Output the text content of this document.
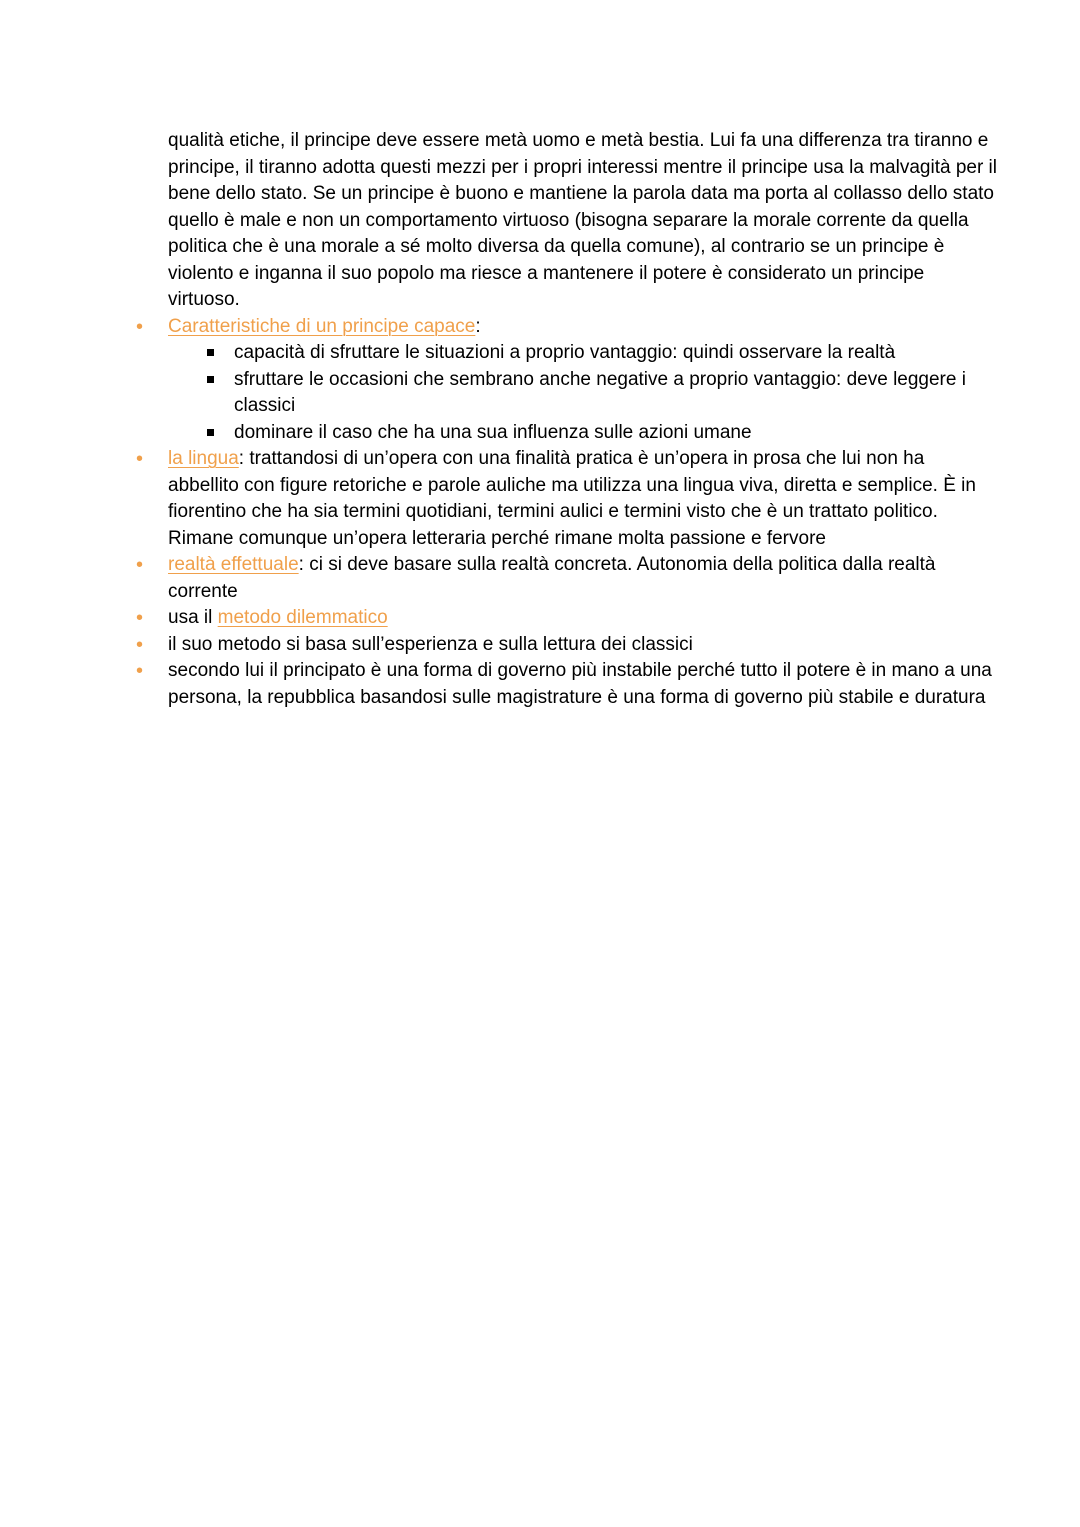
qualità etiche, il principe deve essere metà uomo e metà bestia. Lui fa una differenza tra tiranno e principe, il tiranno adotta questi mezzi per i propri interessi mentre il principe usa la malvagità per il bene dello stato. Se un principe è buono e mantiene la parola data ma porta al collasso dello stato quello è male e non un comportamento virtuoso (bisogna separare la morale corrente da quella politica che è una morale a sé molto diversa da quella comune), al contrario se un principe è violento e inganna il suo popolo ma riesce a mantenere il potere è considerato un principe virtuoso.

• Caratteristiche di un principe capace:
capacità di sfruttare le situazioni a proprio vantaggio: quindi osservare la realtà
sfruttare le occasioni che sembrano anche negative a proprio vantaggio: deve leggere i classici
dominare il caso che ha una sua influenza sulle azioni umane
• la lingua: trattandosi di un’opera con una finalità pratica è un’opera in prosa che lui non ha abbellito con figure retoriche e parole auliche ma utilizza una lingua viva, diretta e semplice. È in fiorentino che ha sia termini quotidiani, termini aulici e termini visto che è un trattato politico. Rimane comunque un’opera letteraria perché rimane molta passione e fervore
• realtà effettuale: ci si deve basare sulla realtà concreta. Autonomia della politica dalla realtà corrente
• usa il metodo dilemmatico
• il suo metodo si basa sull’esperienza e sulla lettura dei classici
• secondo lui il principato è una forma di governo più instabile perché tutto il potere è in mano a una persona, la repubblica basandosi sulle magistrature è una forma di governo più stabile e duratura
